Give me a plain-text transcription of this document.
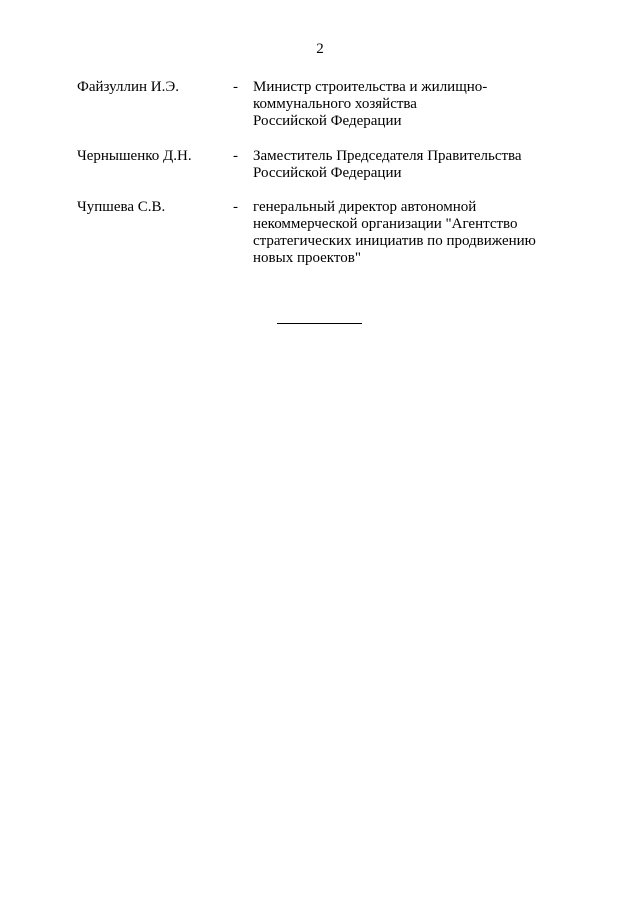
2
Файзуллин И.Э.	- Министр строительства и жилищно-
коммунального хозяйства
Российской Федерации
Чернышенко Д.Н.	- Заместитель Председателя Правительства
Российской Федерации
Чупшева С.В.	- генеральный директор автономной
некоммерческой организации "Агентство
стратегических инициатив по продвижению
новых проектов"
